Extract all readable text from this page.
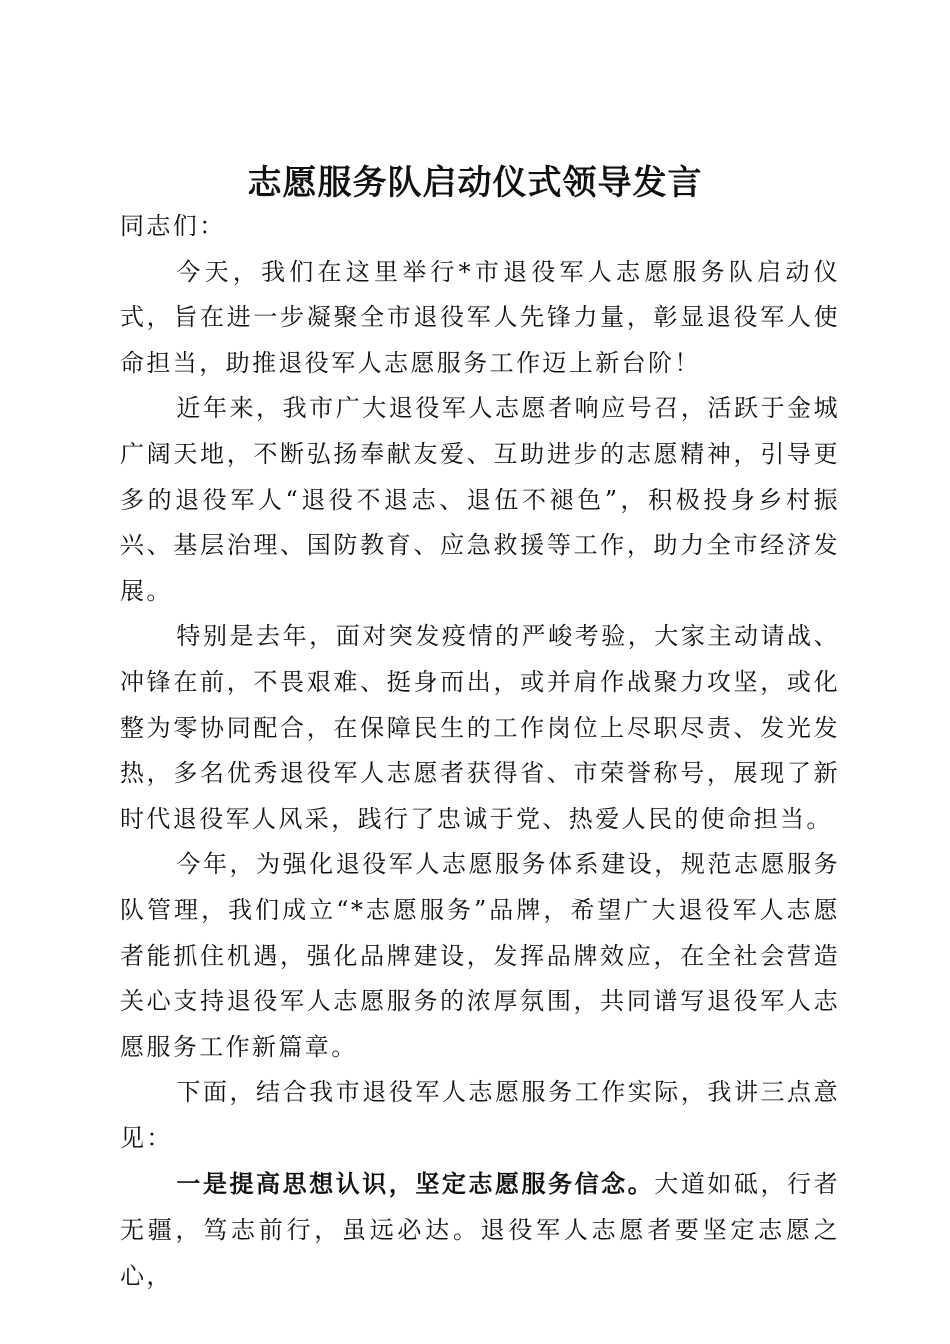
志愿服务队启动仪式领导发言

同志们：

今天，我们在这里举行*市退役军人志愿服务队启动仪式，旨在进一步凝聚全市退役军人先锋力量，彰显退役军人使命担当，助推退役军人志愿服务工作迈上新台阶！

近年来，我市广大退役军人志愿者响应号召，活跃于金城广阔天地，不断弘扬奉献友爱、互助进步的志愿精神，引导更多的退役军人“退役不退志、退伍不褪色”，积极投身乡村振兴、基层治理、国防教育、应急救援等工作，助力全市经济发展。

特别是去年，面对突发疫情的严峻考验，大家主动请战、冲锋在前，不畏艰难、挺身而出，或并肩作战聚力攻坚，或化整为零协同配合，在保障民生的工作岗位上尽职尽责、发光发热，多名优秀退役军人志愿者获得省、市荣誉称号，展现了新时代退役军人风采，践行了忠诚于党、热爱人民的使命担当。

今年，为强化退役军人志愿服务体系建设，规范志愿服务队管理，我们成立“*志愿服务”品牌，希望广大退役军人志愿者能抓住机遇，强化品牌建设，发挥品牌效应，在全社会营造关心支持退役军人志愿服务的浓厚氛围，共同谱写退役军人志愿服务工作新篇章。

下面，结合我市退役军人志愿服务工作实际，我讲三点意见：

一是提高思想认识，坚定志愿服务信念。大道如砥，行者无疆，笃志前行，虽远必达。退役军人志愿者要坚定志愿之心，
